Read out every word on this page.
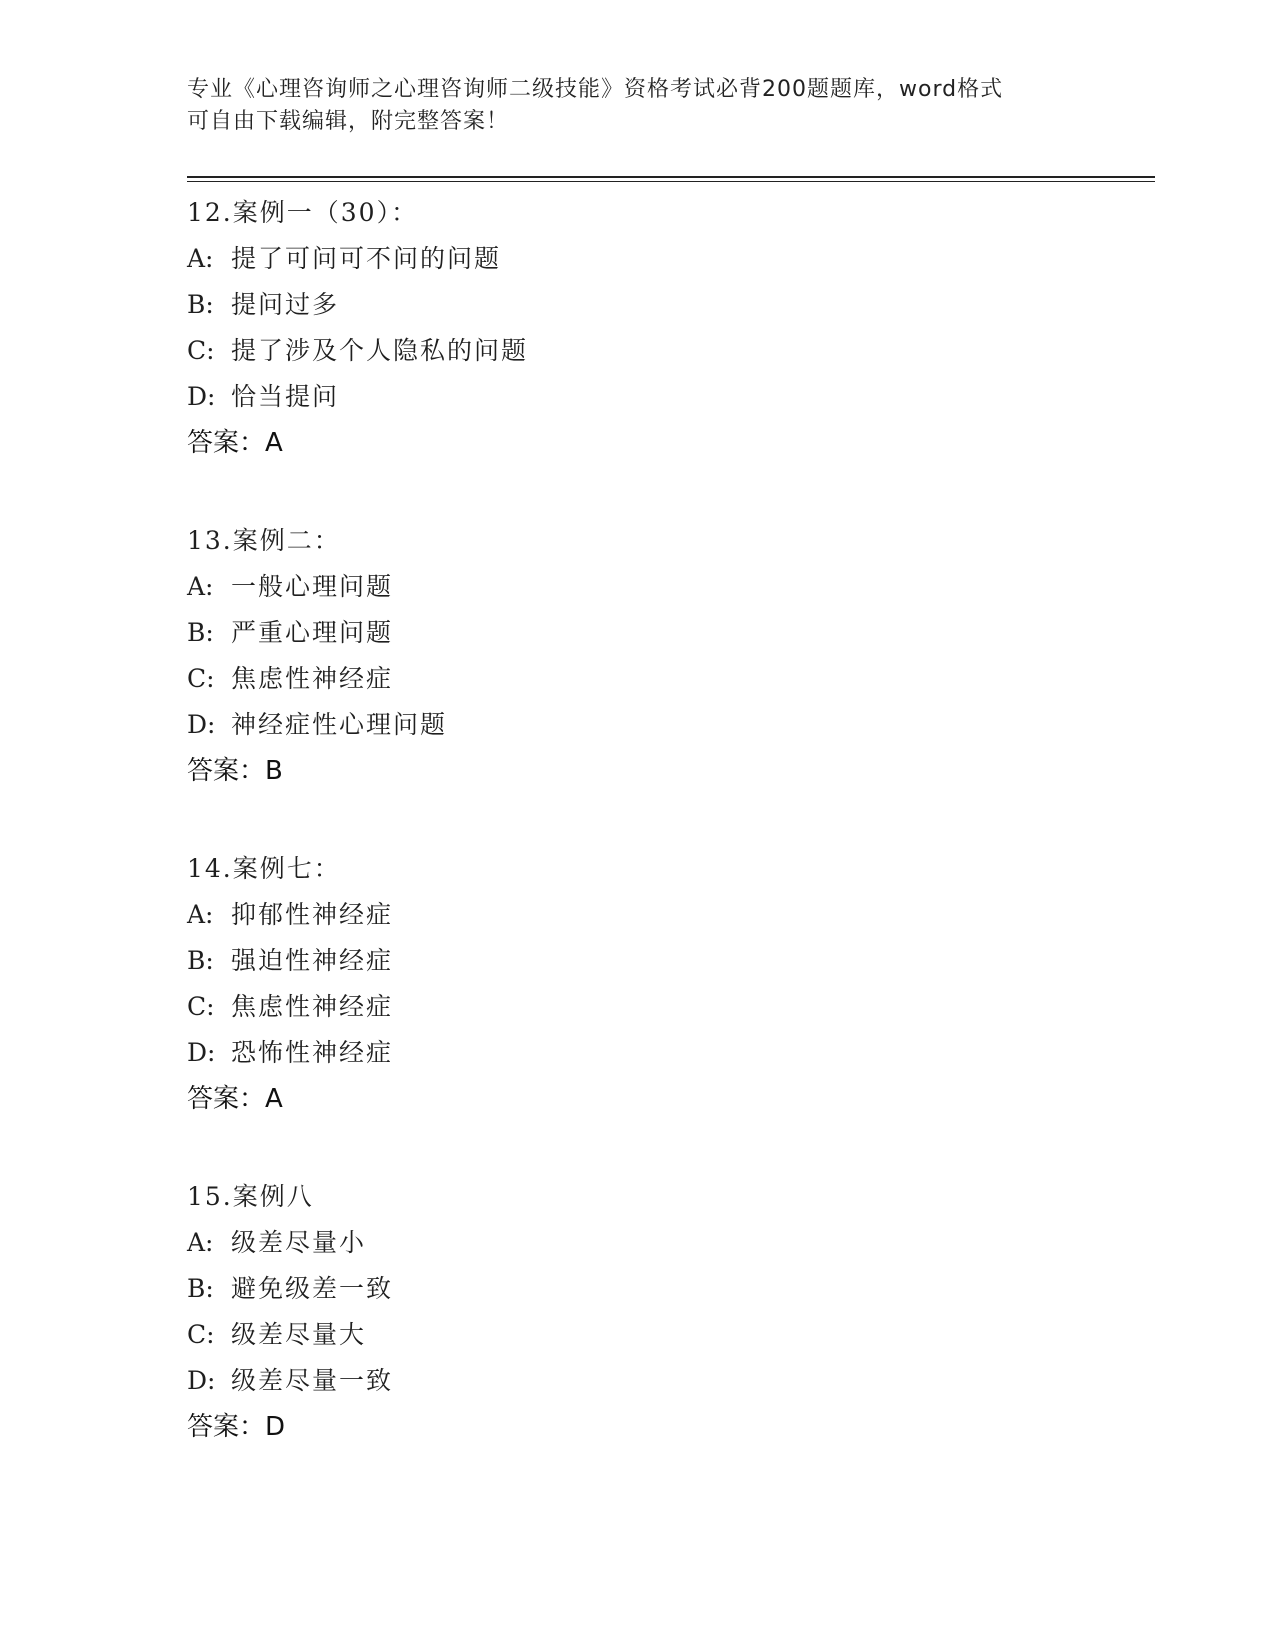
专业《心理咨询师之心理咨询师二级技能》资格考试必背200题题库，word格式
可自由下载编辑，附完整答案！
12.案例一（30）：
A: 提了可问可不问的问题
B: 提问过多
C: 提了涉及个人隐私的问题
D: 恰当提问
答案：A
13.案例二：
A: 一般心理问题
B: 严重心理问题
C: 焦虑性神经症
D: 神经症性心理问题
答案：B
14.案例七：
A: 抑郁性神经症
B: 强迫性神经症
C: 焦虑性神经症
D: 恐怖性神经症
答案：A
15.案例八
A: 级差尽量小
B: 避免级差一致
C: 级差尽量大
D: 级差尽量一致
答案：D
